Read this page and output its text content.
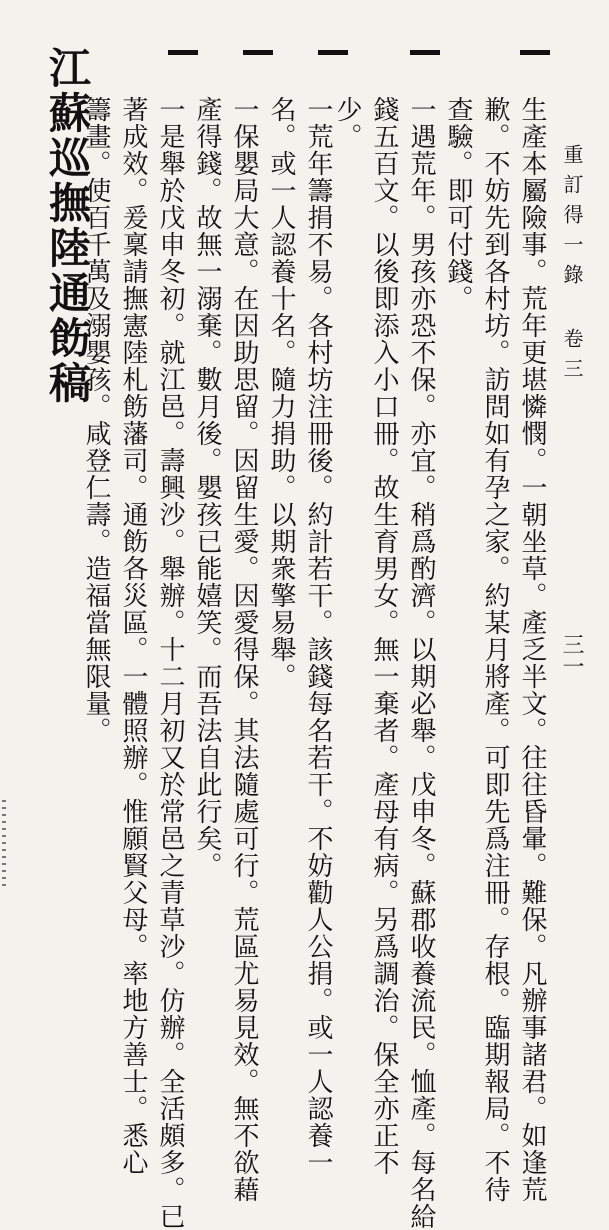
重訂得一錄 卷三
三一
生產本屬險事。荒年更堪憐憫。一朝坐草。產乏半文。往往昏暈。難保。凡辦事諸君。如逢荒
歉。不妨先到各村坊。訪問如有孕之家。約某月將產。可即先爲注冊。存根。臨期報局。不待
查驗。即可付錢。
一遇荒年。男孩亦恐不保。亦宜。稍爲酌濟。以期必舉。戊申冬。蘇郡收養流民。恤產。每名給
錢五百文。以後即添入小口冊。故生育男女。無一棄者。產母有病。另爲調治。保全亦正不
少。
一荒年籌捐不易。各村坊注冊後。約計若干。該錢每名若干。不妨勸人公捐。或一人認養一
名。或一人認養十名。隨力捐助。以期衆擎易舉。
一保嬰局大意。在因助思留。因留生愛。因愛得保。其法隨處可行。荒區尤易見效。無不欲藉
產得錢。故無一溺棄。數月後。嬰孩已能嬉笑。而吾法自此行矣。
一是舉於戊申冬初。就江邑。壽興沙。舉辦。十二月初又於常邑之青草沙。仿辦。全活頗多。已
著成效。爰稟請撫憲陸札飭藩司。通飭各災區。一體照辦。惟願賢父母。率地方善士。悉心
籌畫。使百千萬及溺嬰孩。咸登仁壽。造福當無限量。
江蘇巡撫陸通飭稿
